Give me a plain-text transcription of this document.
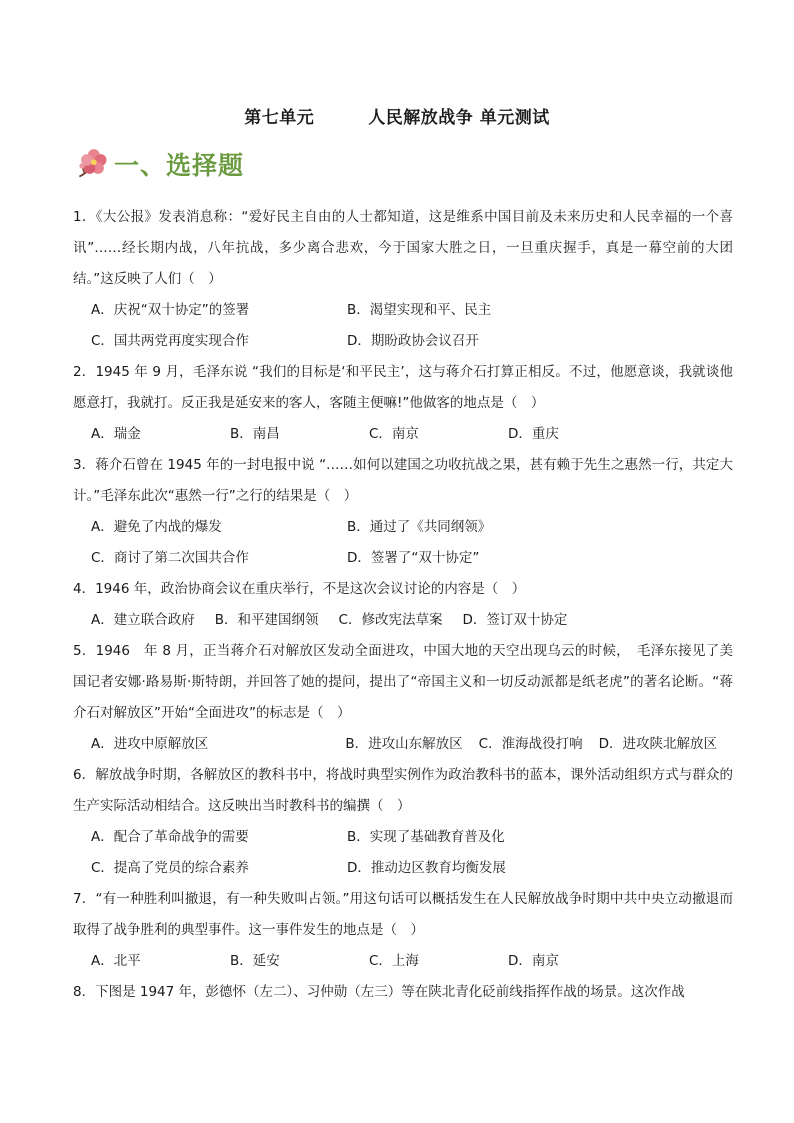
第七单元	人民解放战争 单元测试
一、选择题

1．《大公报》发表消息称：“爱好民主自由的人士都知道，这是维系中国目前及未来历史和人民幸福的一个喜讯”……经长期内战，八年抗战，多少离合悲欢，今于国家大胜之日，一旦重庆握手，真是一幕空前的大团结。”这反映了人们（　）

A．庆祝“双十协定”的签署	B．渴望实现和平、民主
C．国共两党再度实现合作	D．期盼政协会议召开

2．1945 年 9 月，毛泽东说 “我们的目标是‘和平民主’，这与蒋介石打算正相反。不过，他愿意谈，我就谈他愿意打，我就打。反正我是延安来的客人，客随主便嘛!”他做客的地点是（　）

A．瑞金	B．南昌	C．南京	D．重庆

3．蒋介石曾在 1945 年的一封电报中说 “……如何以建国之功收抗战之果，甚有赖于先生之惠然一行，共定大计。”毛泽东此次“惠然一行”之行的结果是（　）

A．避免了内战的爆发	B．通过了《共同纲领》
C．商讨了第二次国共合作	D．签署了“双十协定”

4．1946 年，政治协商会议在重庆举行，不是这次会议讨论的内容是（　）

A．建立联合政府 B．和平建国纲领 C．修改宪法草案 D．签订双十协定

5．1946　年 8 月，正当蒋介石对解放区发动全面进攻，中国大地的天空出现乌云的时候，　毛泽东接见了美国记者安娜·路易斯·斯特朗，并回答了她的提问，提出了“帝国主义和一切反动派都是纸老虎”的著名论断。“蒋介石对解放区”开始“全面进攻”的标志是（　）

A．进攻中原解放区	B．进攻山东解放区 C．淮海战役打响 D．进攻陕北解放区

6．解放战争时期，各解放区的教科书中，将战时典型实例作为政治教科书的蓝本，课外活动组织方式与群众的生产实际活动相结合。这反映出当时教科书的编撰（　）

A．配合了革命战争的需要	B．实现了基础教育普及化
C．提高了党员的综合素养	D．推动边区教育均衡发展

7．“有一种胜利叫撤退，有一种失败叫占领。”用这句话可以概括发生在人民解放战争时期中共中央立动撤退而取得了战争胜利的典型事件。这一事件发生的地点是（　）

A．北平	B．延安	C．上海	D．南京

8．下图是 1947 年，彭德怀（左二）、习仲勋（左三）等在陕北青化砭前线指挥作战的场景。这次作战
